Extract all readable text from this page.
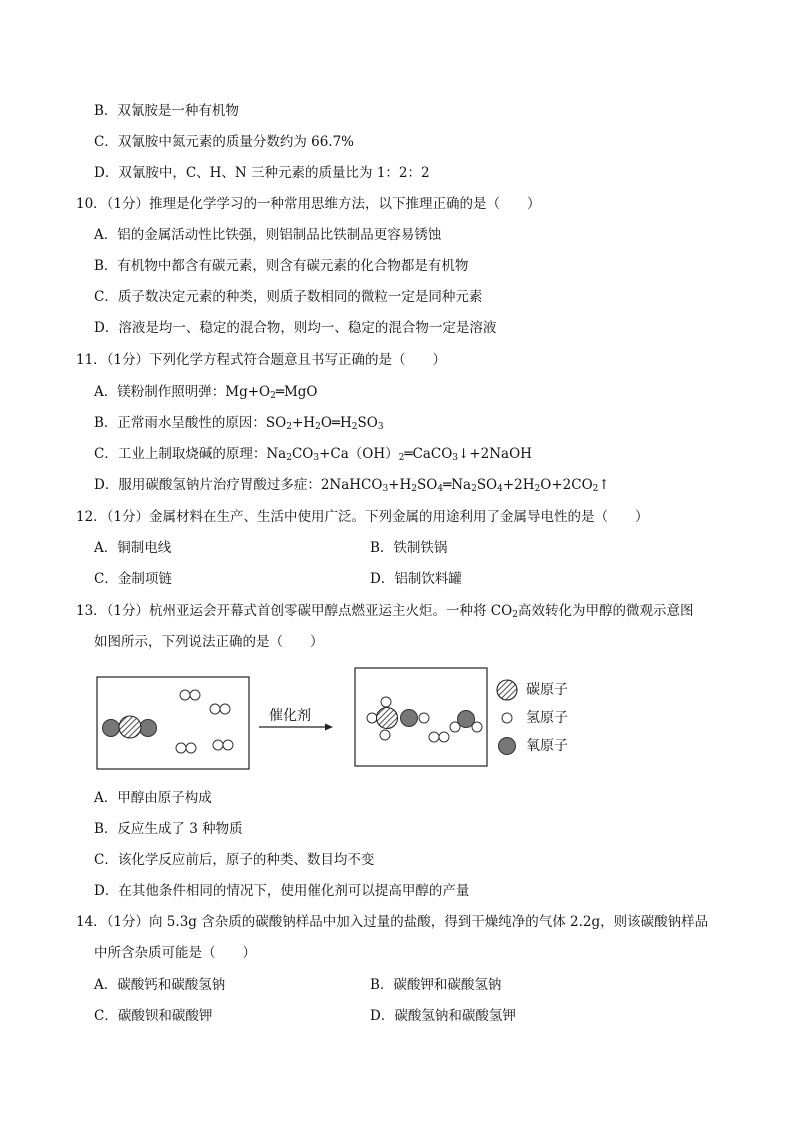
B．双氰胺是一种有机物
C．双氰胺中氮元素的质量分数约为 66.7%
D．双氰胺中，C、H、N 三种元素的质量比为 1：2：2
10．（1分）推理是化学学习的一种常用思维方法，以下推理正确的是（　　）
A．铝的金属活动性比铁强，则铝制品比铁制品更容易锈蚀
B．有机物中都含有碳元素，则含有碳元素的化合物都是有机物
C．质子数决定元素的种类，则质子数相同的微粒一定是同种元素
D．溶液是均一、稳定的混合物，则均一、稳定的混合物一定是溶液
11．（1分）下列化学方程式符合题意且书写正确的是（　　）
A．镁粉制作照明弹：$Mg+O_2═MgO$
B．正常雨水呈酸性的原因：$SO_2+H_2O═H_2SO_3$
C．工业上制取烧碱的原理：$Na_2CO_3+Ca(OH)_2═CaCO_3↓+2NaOH$
D．服用碳酸氢钠片治疗胃酸过多症：$2NaHCO_3+H_2SO_4═Na_2SO_4+2H_2O+2CO_2↑$
12．（1分）金属材料在生产、生活中使用广泛。下列金属的用途利用了金属导电性的是（　　）
A．铜制电线	B．铁制铁锅
C．金制项链	D．铝制饮料罐
13．（1分）杭州亚运会开幕式首创零碳甲醇点燃亚运主火炬。一种将 $CO_2$高效转化为甲醇的微观示意图
如图所示，下列说法正确的是（　　）
催化剂
碳原子
氢原子
氧原子
A．甲醇由原子构成
B．反应生成了 3 种物质
C．该化学反应前后，原子的种类、数目均不变
D．在其他条件相同的情况下，使用催化剂可以提高甲醇的产量
14．（1分）向 5.3g 含杂质的碳酸钠样品中加入过量的盐酸，得到干燥纯净的气体 2.2g，则该碳酸钠样品
中所含杂质可能是（　　）
A．碳酸钙和碳酸氢钠	B．碳酸钾和碳酸氢钠
C．碳酸钡和碳酸钾	D．碳酸氢钠和碳酸氢钾
